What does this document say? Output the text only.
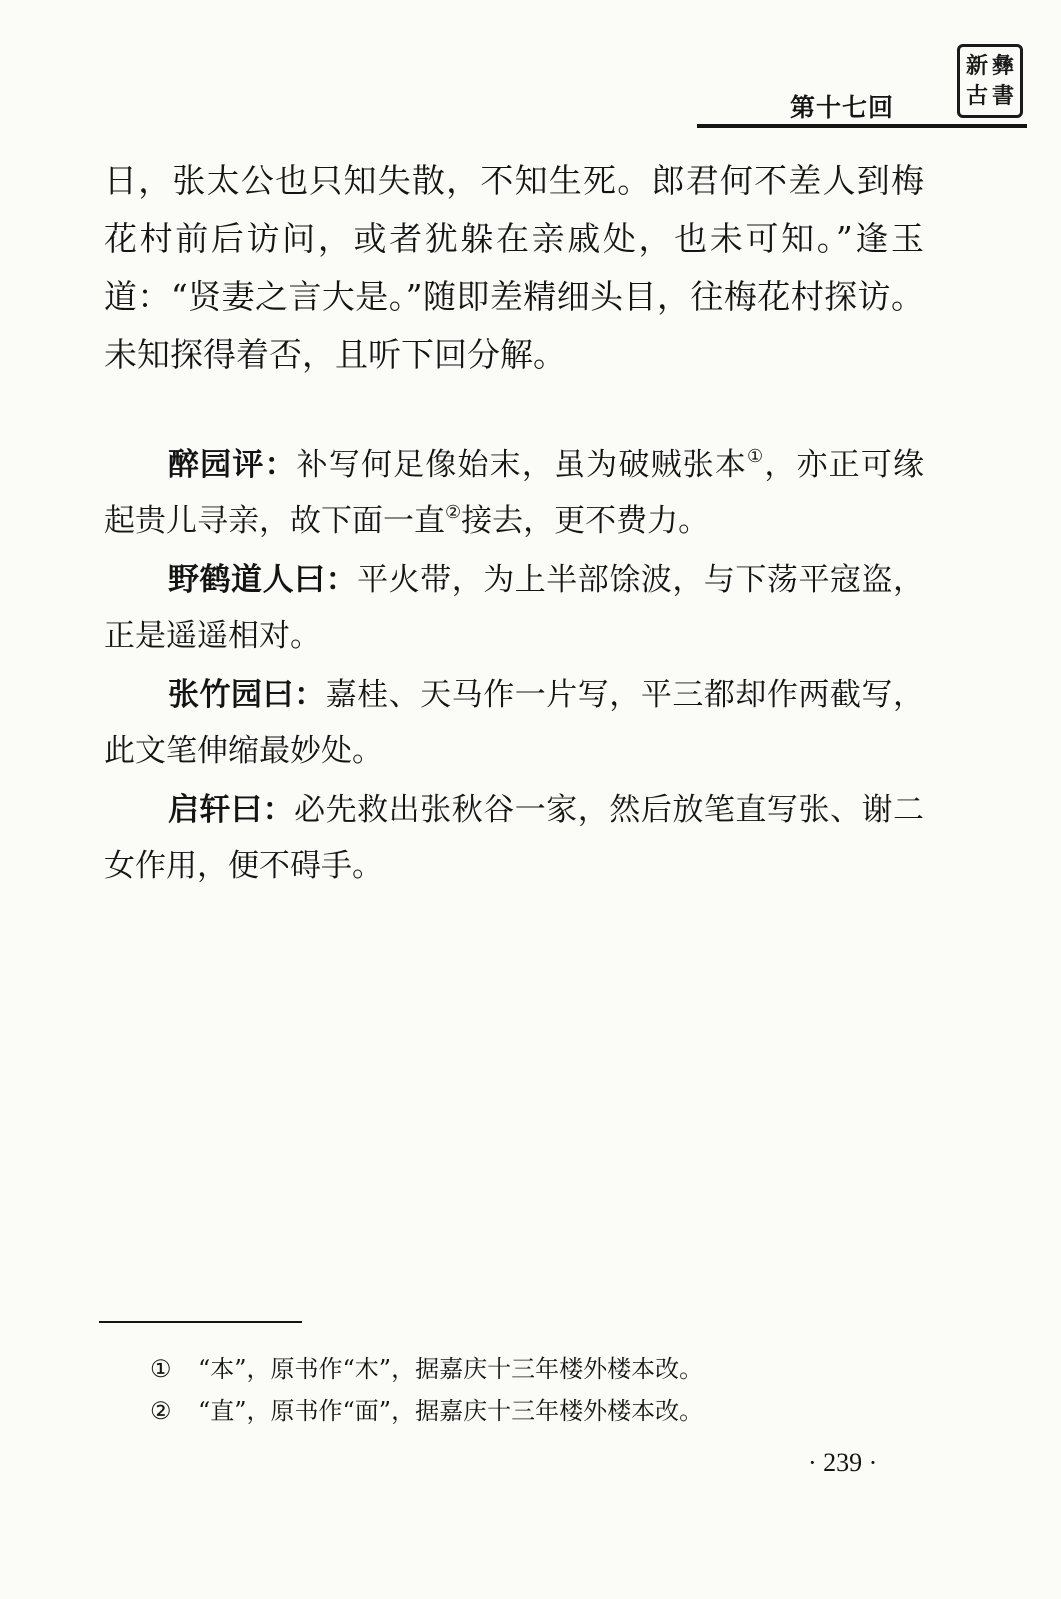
第十七回
新 彝
古 書

日，张太公也只知失散，不知生死。郎君何不差人到梅花村前后访问，或者犹躲在亲戚处，也未可知。”逢玉道：“贤妻之言大是。”随即差精细头目，往梅花村探访。未知探得着否，且听下回分解。

醉园评：补写何足像始末，虽为破贼张本①，亦正可缘起贵儿寻亲，故下面一直②接去，更不费力。

野鹤道人曰：平火带，为上半部馀波，与下荡平寇盗，正是遥遥相对。

张竹园曰：嘉桂、天马作一片写，平三都却作两截写，此文笔伸缩最妙处。

启轩曰：必先救出张秋谷一家，然后放笔直写张、谢二女作用，便不碍手。

① “本”，原书作“木”，据嘉庆十三年楼外楼本改。
② “直”，原书作“面”，据嘉庆十三年楼外楼本改。
· 239 ·
